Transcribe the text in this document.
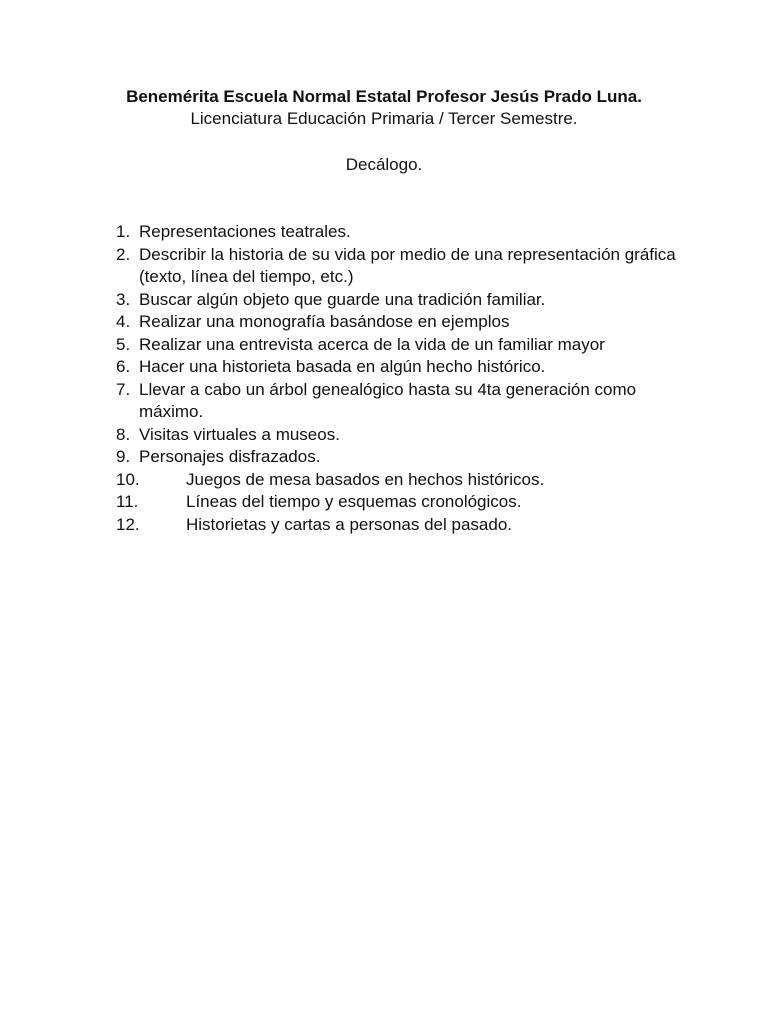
Benemérita Escuela Normal Estatal Profesor Jesús Prado Luna.

Licenciatura Educación Primaria / Tercer Semestre.

Decálogo.
1. Representaciones teatrales.
2. Describir la historia de su vida por medio de una representación gráfica (texto, línea del tiempo, etc.)
3. Buscar algún objeto que guarde una tradición familiar.
4. Realizar una monografía basándose en ejemplos
5. Realizar una entrevista acerca de la vida de un familiar mayor
6. Hacer una historieta basada en algún hecho histórico.
7. Llevar a cabo un árbol genealógico hasta su 4ta generación como máximo.
8. Visitas virtuales a museos.
9. Personajes disfrazados.
10.	Juegos de mesa basados en hechos históricos.
11.	Líneas del tiempo y esquemas cronológicos.
12.	Historietas y cartas a personas del pasado.
